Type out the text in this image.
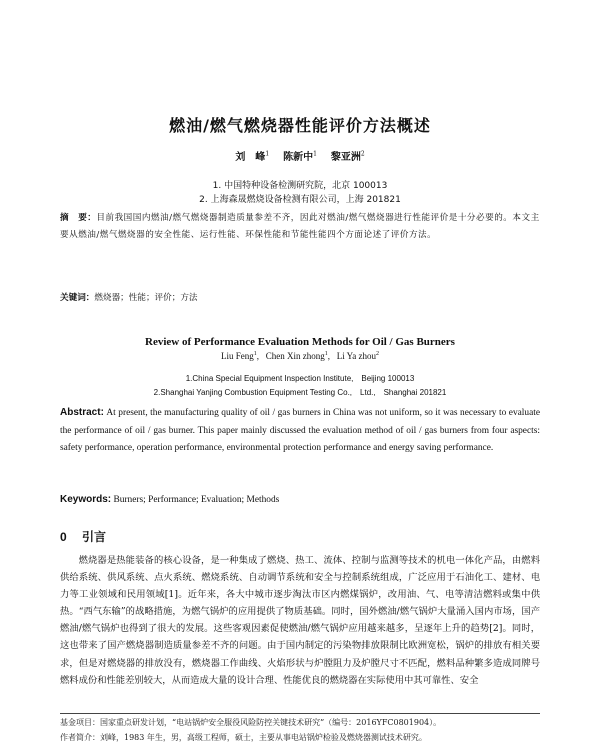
燃油/燃气燃烧器性能评价方法概述
刘　峰$^1$ 陈新中$^1$ 黎亚洲$^2$
1. 中国特种设备检测研究院，北京 100013
2. 上海森晟燃烧设备检测有限公司，上海 201821
摘　要：目前我国国内燃油/燃气燃烧器制造质量参差不齐，因此对燃油/燃气燃烧器进行性能评价是十分必要的。本文主要从燃油/燃气燃烧器的安全性能、运行性能、环保性能和节能性能四个方面论述了评价方法。
关键词：燃烧器；性能；评价；方法
Review of Performance Evaluation Methods for Oil / Gas Burners
Liu Feng$^1$,   Chen Xin zhong$^1$,   Li Ya zhou$^2$
1.China Special Equipment Inspection Institute,　Beijing 100013
2.Shanghai Yanjing Combustion Equipment Testing Co.,　Ltd.,　Shanghai 201821
Abstract: At present, the manufacturing quality of oil / gas burners in China was not uniform, so it was necessary to evaluate the performance of oil / gas burner. This paper mainly discussed the evaluation method of oil / gas burners from four aspects: safety performance, operation performance, environmental protection performance and energy saving performance.
Keywords: Burners; Performance; Evaluation; Methods
0 引言

燃烧器是热能装备的核心设备，是一种集成了燃烧、热工、流体、控制与监测等技术的机电一体化产品，由燃料供给系统、供风系统、点火系统、燃烧系统、自动调节系统和安全与控制系统组成，广泛应用于石油化工、建材、电力等工业领域和民用领域[1]。近年来，各大中城市逐步淘汰市区内燃煤锅炉，改用油、气、电等清洁燃料或集中供热。“西气东输”的战略措施，为燃气锅炉的应用提供了物质基础。同时，国外燃油/燃气锅炉大量涌入国内市场，国产燃油/燃气锅炉也得到了很大的发展。这些客观因素促使燃油/燃气锅炉应用越来越多，呈逐年上升的趋势[2]。同时，这也带来了国产燃烧器制造质量参差不齐的问题。由于国内制定的污染物排放限制比欧洲宽松，锅炉的排放有相关要求，但是对燃烧器的排放没有，燃烧器工作曲线、火焰形状与炉膛阻力及炉膛尺寸不匹配，燃料品种繁多造成同牌号燃料成份和性能差别较大，从而造成大量的设计合理、性能优良的燃烧器在实际使用中其可靠性、安全

基金项目：国家重点研发计划，“电站锅炉安全服役风险防控关键技术研究”（编号：2016YFC0801904）。
作者简介：刘峰，1983 年生，男，高级工程师，硕士，主要从事电站锅炉检验及燃烧器测试技术研究。
